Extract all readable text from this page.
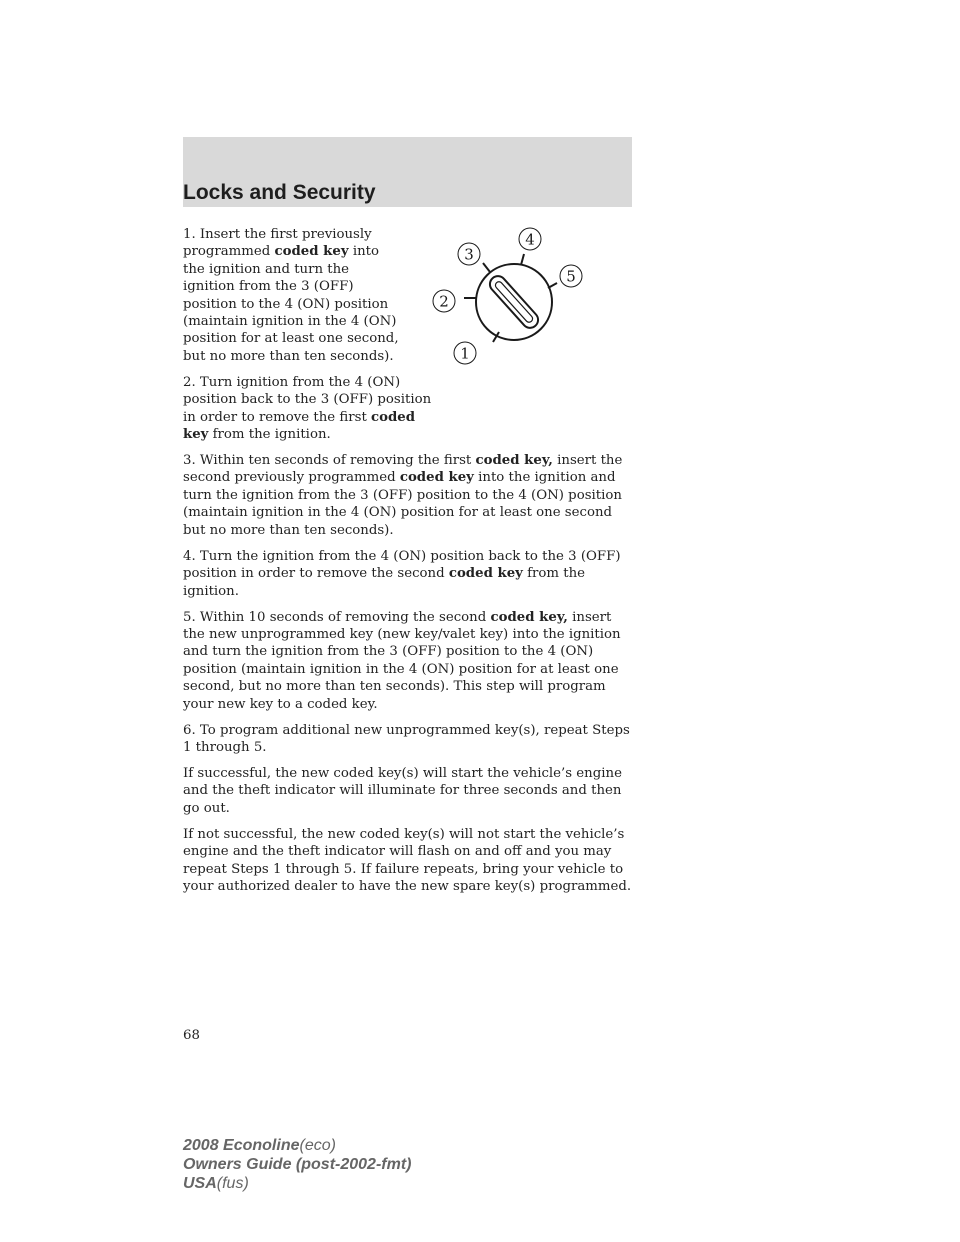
Locks and Security
1
2
3
4
5

1. Insert the first previously programmed coded key into the ignition and turn the ignition from the 3 (OFF) position to the 4 (ON) position (maintain ignition in the 4 (ON) position for at least one second, but no more than ten seconds).

2. Turn ignition from the 4 (ON) position back to the 3 (OFF) position in order to remove the first coded key from the ignition.

3. Within ten seconds of removing the first coded key, insert the second previously programmed coded key into the ignition and turn the ignition from the 3 (OFF) position to the 4 (ON) position (maintain ignition in the 4 (ON) position for at least one second but no more than ten seconds).

4. Turn the ignition from the 4 (ON) position back to the 3 (OFF) position in order to remove the second coded key from the ignition.

5. Within 10 seconds of removing the second coded key, insert the new unprogrammed key (new key/valet key) into the ignition and turn the ignition from the 3 (OFF) position to the 4 (ON) position (maintain ignition in the 4 (ON) position for at least one second, but no more than ten seconds). This step will program your new key to a coded key.

6. To program additional new unprogrammed key(s), repeat Steps 1 through 5.

If successful, the new coded key(s) will start the vehicle’s engine and the theft indicator will illuminate for three seconds and then go out.

If not successful, the new coded key(s) will not start the vehicle’s engine and the theft indicator will flash on and off and you may repeat Steps 1 through 5. If failure repeats, bring your vehicle to your authorized dealer to have the new spare key(s) programmed.

68
2008 Econoline(eco)
Owners Guide (post-2002-fmt)
USA(fus)
